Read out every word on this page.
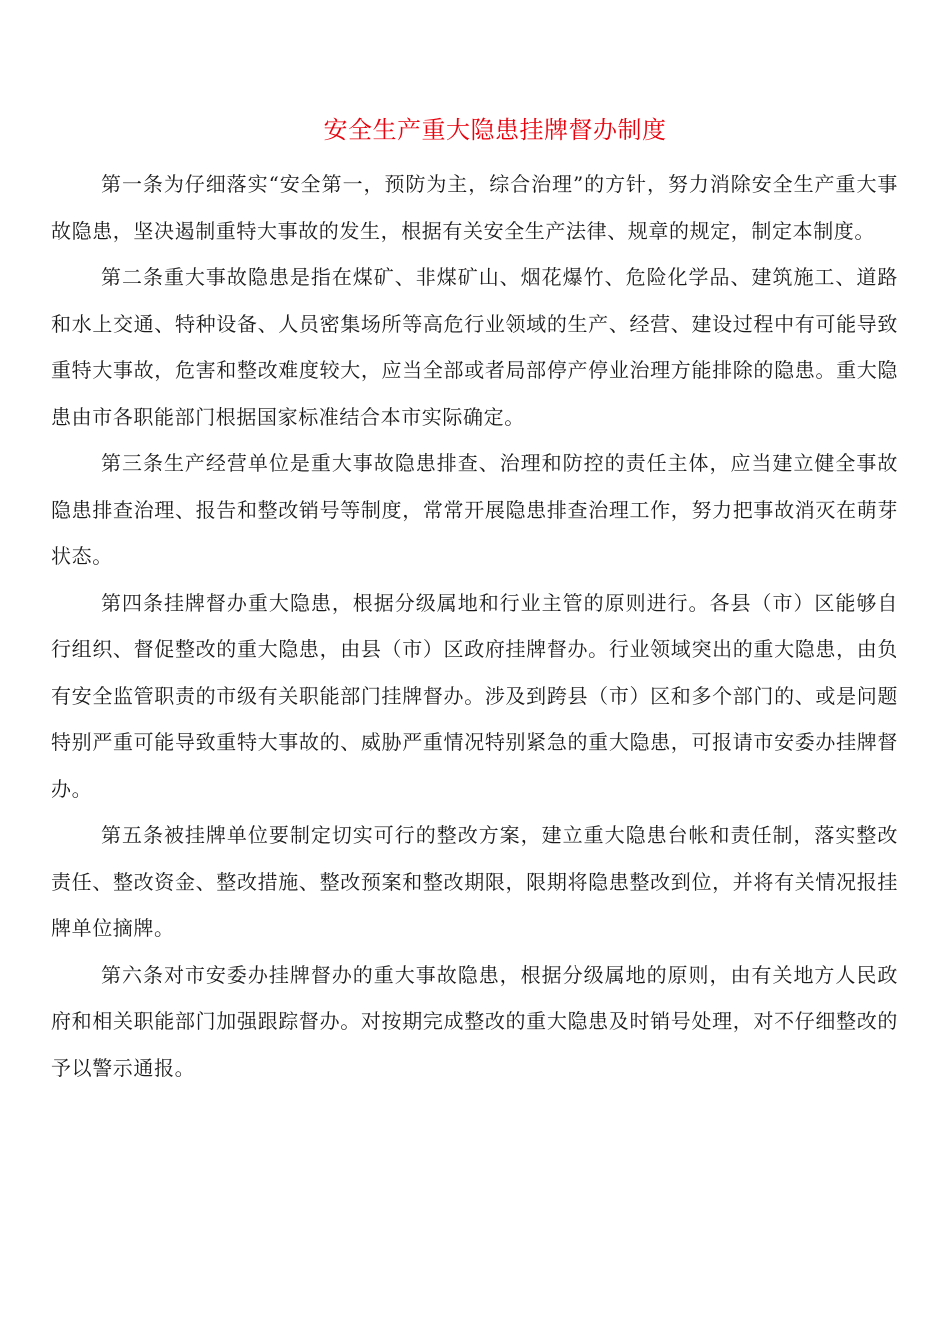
安全生产重大隐患挂牌督办制度

第一条为仔细落实“安全第一，预防为主，综合治理”的方针，努力消除安全生产重大事故隐患，坚决遏制重特大事故的发生，根据有关安全生产法律、规章的规定，制定本制度。

第二条重大事故隐患是指在煤矿、非煤矿山、烟花爆竹、危险化学品、建筑施工、道路和水上交通、特种设备、人员密集场所等高危行业领域的生产、经营、建设过程中有可能导致重特大事故，危害和整改难度较大，应当全部或者局部停产停业治理方能排除的隐患。重大隐患由市各职能部门根据国家标准结合本市实际确定。

第三条生产经营单位是重大事故隐患排查、治理和防控的责任主体，应当建立健全事故隐患排查治理、报告和整改销号等制度，常常开展隐患排查治理工作，努力把事故消灭在萌芽状态。

第四条挂牌督办重大隐患，根据分级属地和行业主管的原则进行。各县（市）区能够自行组织、督促整改的重大隐患，由县（市）区政府挂牌督办。行业领域突出的重大隐患，由负有安全监管职责的市级有关职能部门挂牌督办。涉及到跨县（市）区和多个部门的、或是问题特别严重可能导致重特大事故的、威胁严重情况特别紧急的重大隐患，可报请市安委办挂牌督办。

第五条被挂牌单位要制定切实可行的整改方案，建立重大隐患台帐和责任制，落实整改责任、整改资金、整改措施、整改预案和整改期限，限期将隐患整改到位，并将有关情况报挂牌单位摘牌。

第六条对市安委办挂牌督办的重大事故隐患，根据分级属地的原则，由有关地方人民政府和相关职能部门加强跟踪督办。对按期完成整改的重大隐患及时销号处理，对不仔细整改的予以警示通报。
